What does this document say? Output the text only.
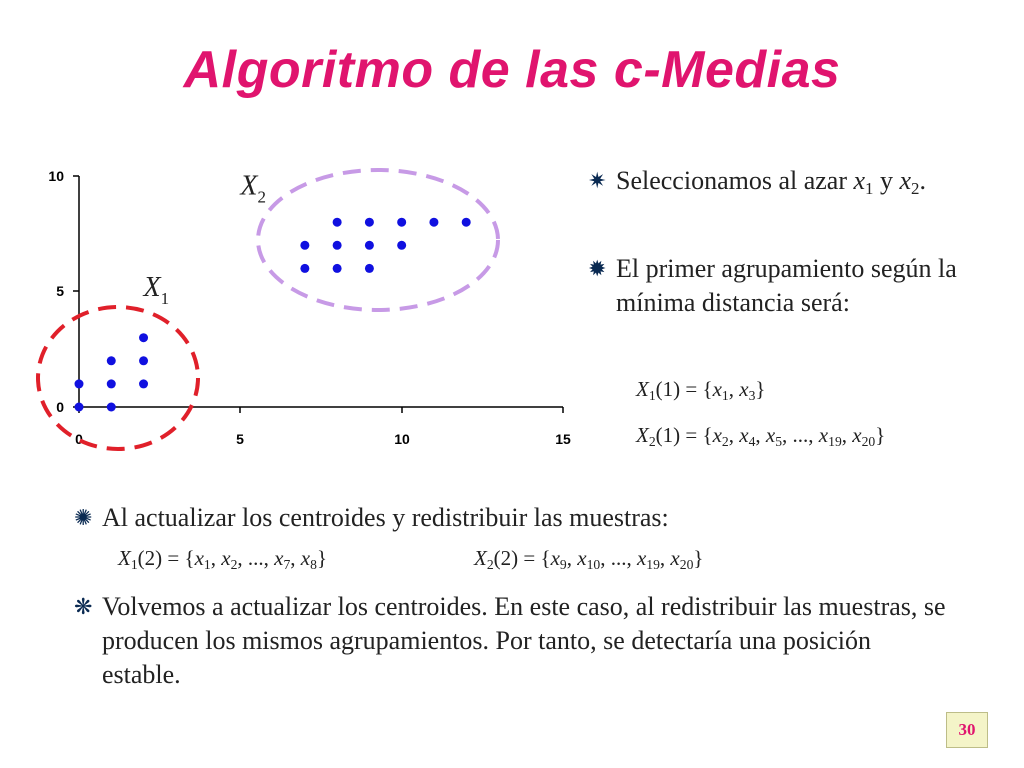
Algoritmo de las c-Medias
10
5
0
0	5	10	15
$X_1$
$X_2$
✷ Seleccionamos al azar $x_1$ y $x_2$.
✹ El primer agrupamiento según la mínima distancia será:
$X_1(1) = \{x_1$, $x_3$}
$X_2(1) = \{x_2$, $x_4$, $x_5$, ..., $x_{19}$, $x_{20}$}
✺ Al actualizar los centroides y redistribuir las muestras:
$X_1(2) = \{x_1$, $x_2$, ..., $x_7$, $x_8$}	$X_2(2) = \{x_9$, $x_{10}$, ..., $x_{19}$, $x_{20}$}
❋ Volvemos a actualizar los centroides. En este caso, al redistribuir las muestras, se producen los mismos agrupamientos. Por tanto, se detectaría una posición estable.
30
